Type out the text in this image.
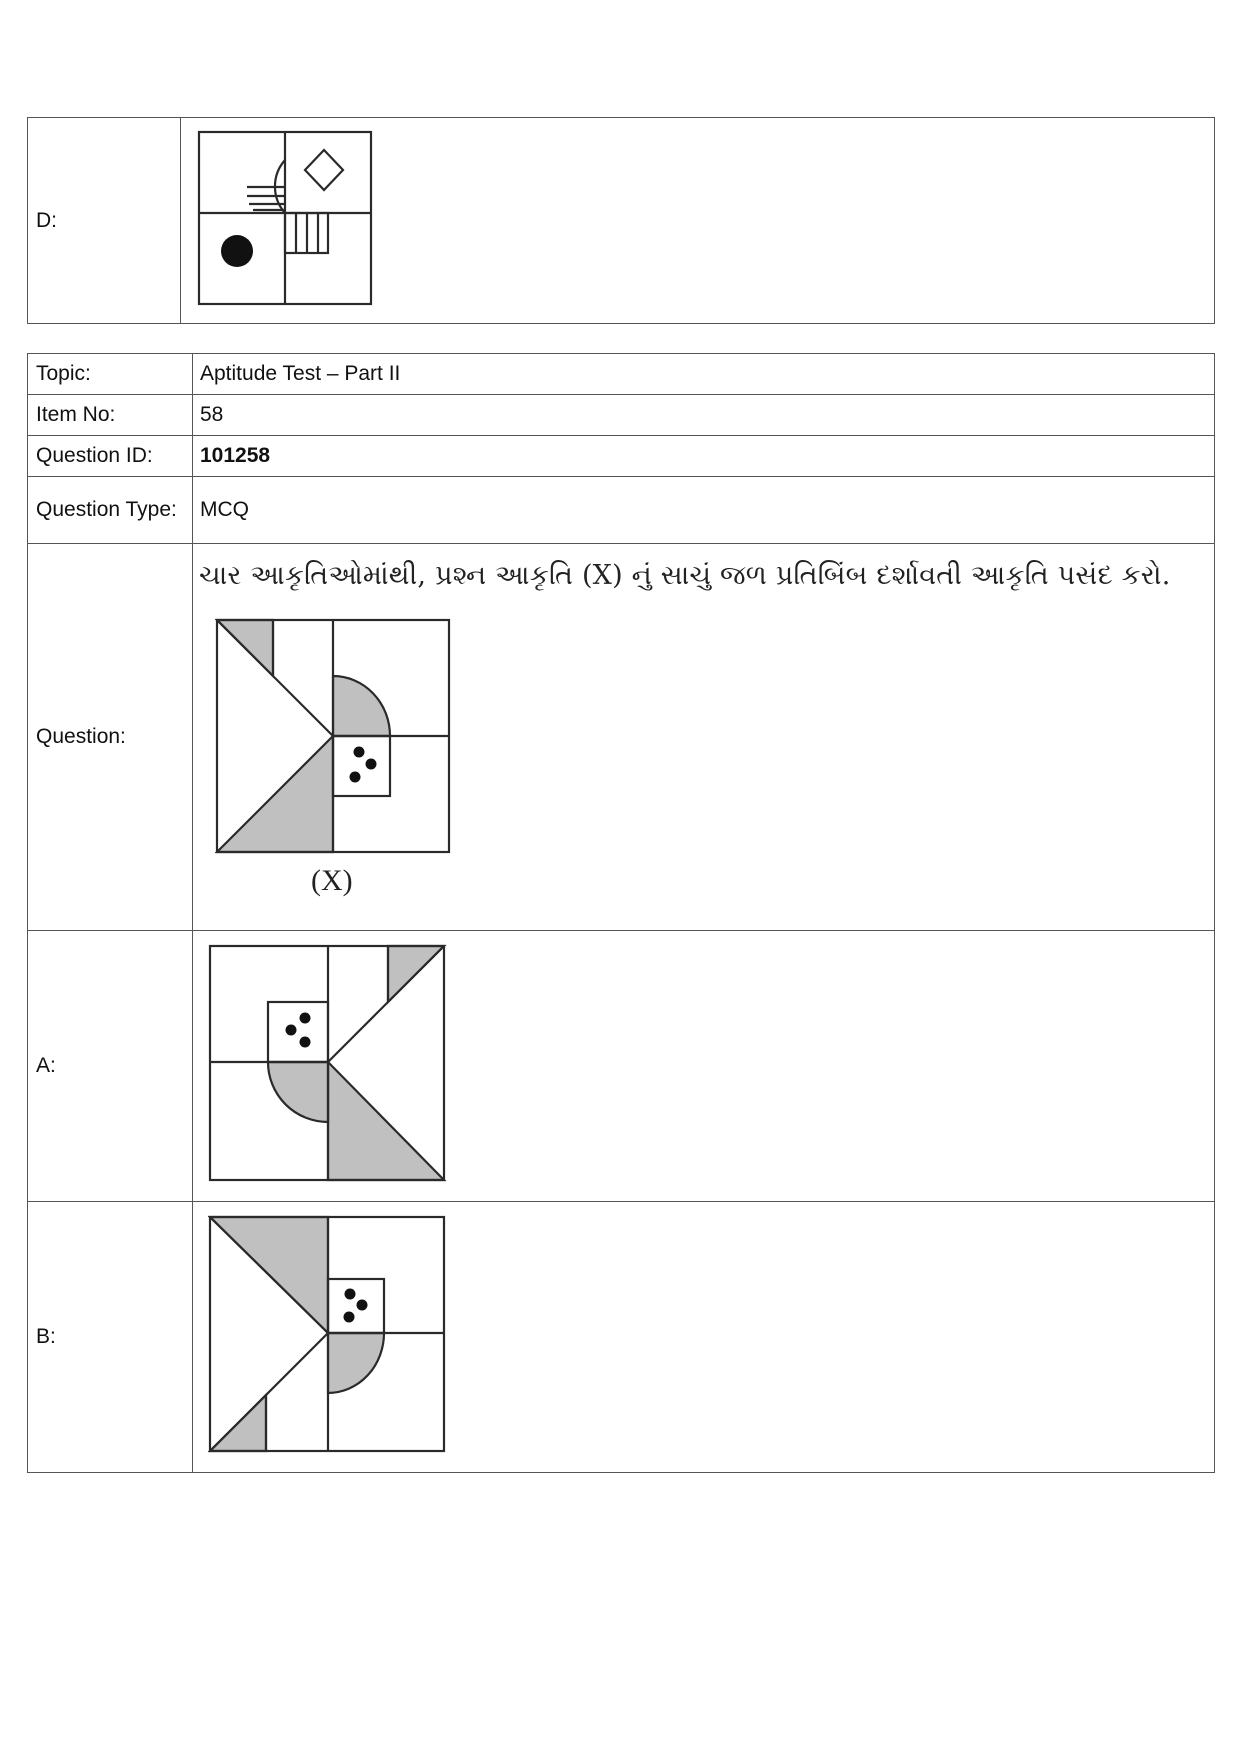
D:	
Topic:	Aptitude Test – Part II
Item No:	58
Question ID:	101258
Question Type:	MCQ
Question:	ચાર આકૃતિઓમાંથી, પ્રશ્ન આકૃતિ (X) નું સાચું જળ પ્રતિબિંબ દર્શાવતી આકૃતિ પસંદ કરો.
(X)

A:	

B:	
